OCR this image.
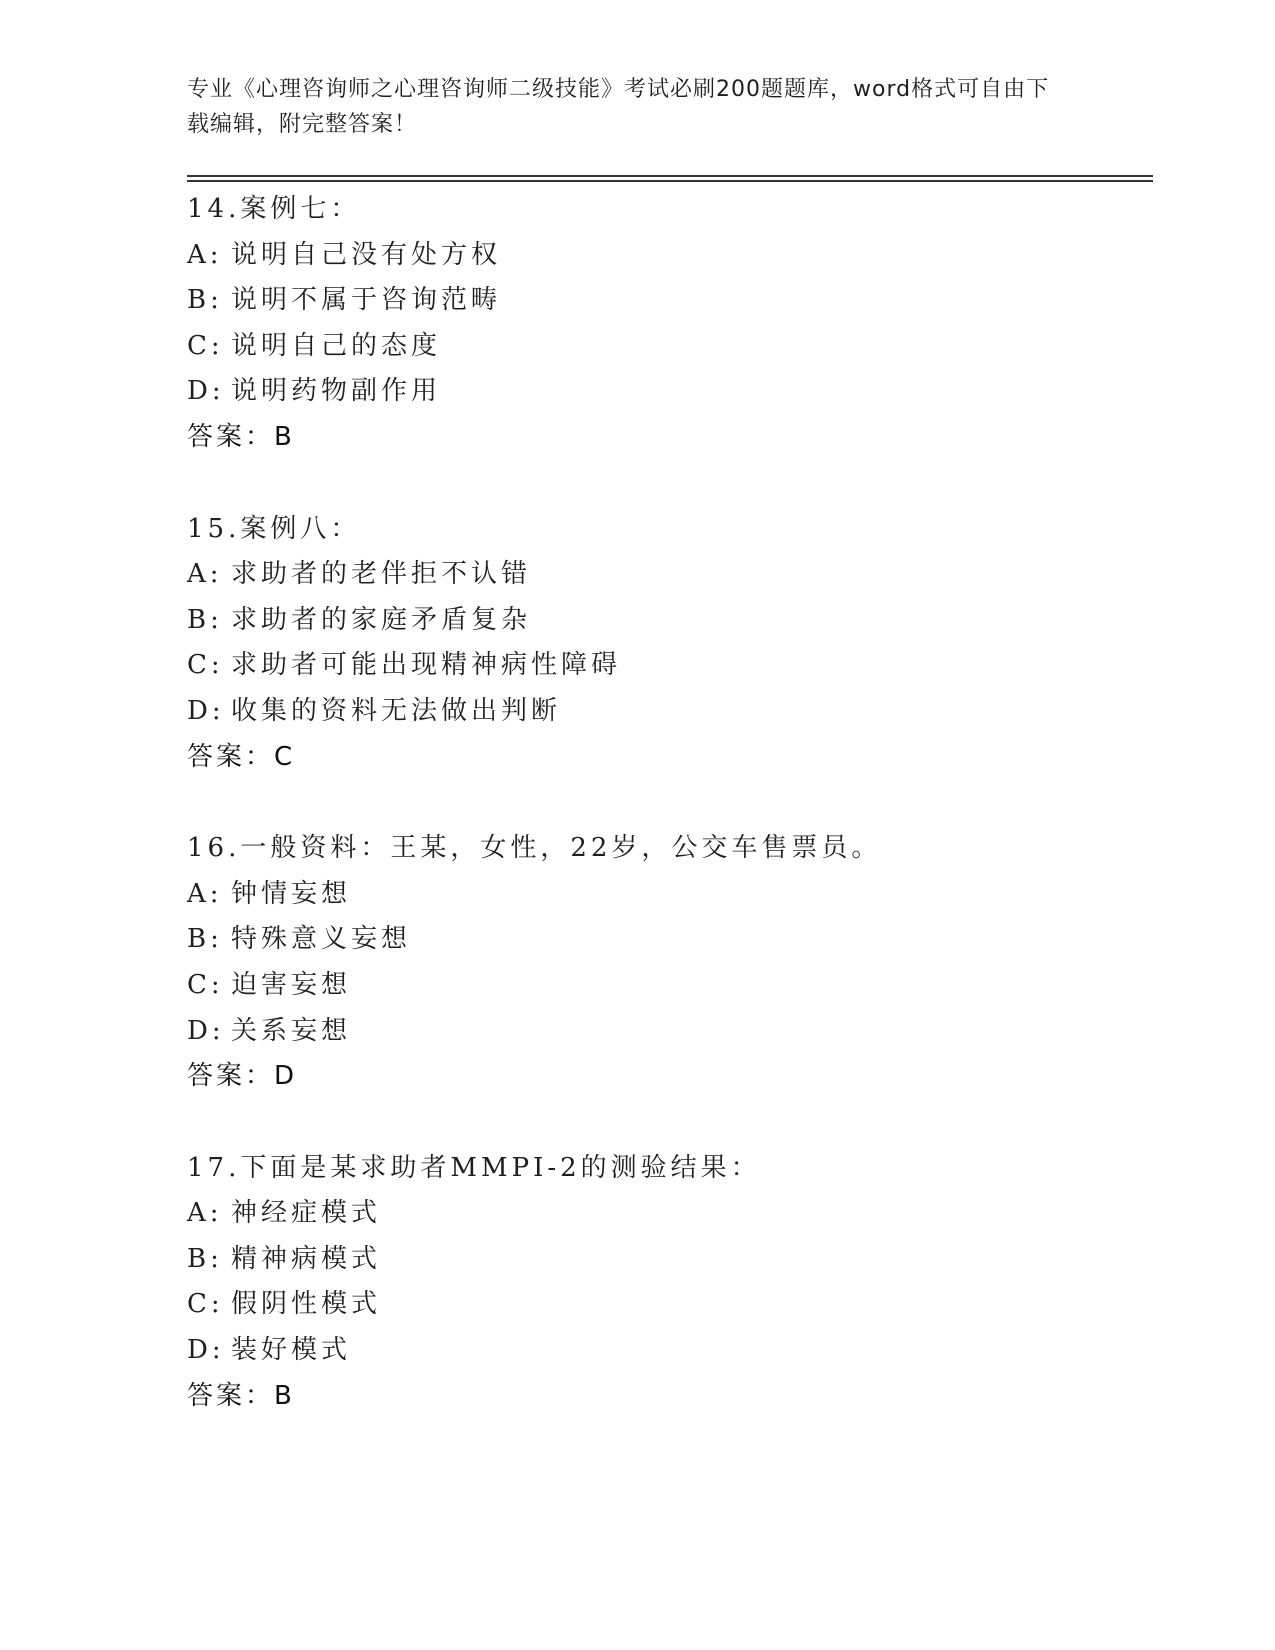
专业《心理咨询师之心理咨询师二级技能》考试必刷200题题库，word格式可自由下载编辑，附完整答案！
14.案例七：
A: 说明自己没有处方权
B: 说明不属于咨询范畴
C: 说明自己的态度
D: 说明药物副作用
答案：B
15.案例八：
A: 求助者的老伴拒不认错
B: 求助者的家庭矛盾复杂
C: 求助者可能出现精神病性障碍
D: 收集的资料无法做出判断
答案：C
16.一般资料：王某，女性，22岁，公交车售票员。
A: 钟情妄想
B: 特殊意义妄想
C: 迫害妄想
D: 关系妄想
答案：D
17.下面是某求助者MMPI-2的测验结果：
A: 神经症模式
B: 精神病模式
C: 假阴性模式
D: 装好模式
答案：B
